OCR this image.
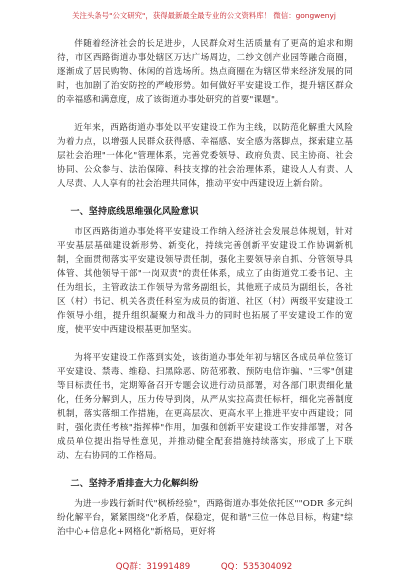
关注头条号"公文研究"，获得最新最全最专业的公文资料库！ 微信：gongwenyj

伴随着经济社会的长足进步，人民群众对生活质量有了更高的追求和期待，市区西路街道办事处辖区万达广场周边，二纱文创产业园等融合商圈，逐渐成了居民购物、休闲的首选场所。热点商圈在为辖区带来经济发展的同时，也加剧了治安防控的严峻形势。如何做好平安建设工作，提升辖区群众的幸福感和满意度，成了该街道办事处研究的首要"课题"。

近年来，西路街道办事处以平安建设工作为主线，以防范化解重大风险为着力点，以增强人民群众获得感、幸福感、安全感为落脚点，探索建立基层社会治理"一体化"管理体系，完善党委领导、政府负责、民主协商、社会协同、公众参与、法治保障、科技支撑的社会治理体系，建设人人有责、人人尽责、人人享有的社会治理共同体，推动平安中西建设迈上新台阶。

一、坚持底线思维强化风险意识

市区西路街道办事处将平安建设工作纳入经济社会发展总体规划，针对平安基层基础建设新形势、新变化，持续完善创新平安建设工作协调新机制，全面贯彻落实平安建设领导责任制，强化主要领导亲自抓、分管领导具体管、其他领导干部"一岗双责"的责任体系，成立了由街道党工委书记、主任为组长，主管政法工作领导为常务副组长，其他班子成员为副组长，各社区（村）书记、机关各责任科室为成员的街道、社区（村）两级平安建设工作领导小组，提升组织凝聚力和战斗力的同时也拓展了平安建设工作的宽度，使平安中西建设根基更加坚实。

为将平安建设工作落到实处，该街道办事处年初与辖区各成员单位签订平安建设、禁毒、维稳、扫黑除恶、防范邪教、预防电信诈骗、"三零"创建等目标责任书，定期筹备召开专题会议进行动员部署，对各部门职责细化量化，任务分解到人，压力传导到岗，从严从实拉高责任标杆，细化完善制度机制，落实落细工作措施，在更高层次、更高水平上推进平安中西建设；同时，强化责任考核"指挥棒"作用，加强和创新平安建设工作安排部署，对各成员单位提出指导性意见，并推动健全配套措施持续落实，形成了上下联动、左右协同的工作格局。

二、坚持矛盾排查大力化解纠纷

为进一步践行新时代"枫桥经验"，西路街道办事处依托区""ODR 多元纠纷化解平台，紧紧围绕"化矛盾，保稳定，促和谐"三位一体总目标，构建"综治中心+信息化+网格化"新格局，更好将

QQ群：31991489	QQ：535304092
